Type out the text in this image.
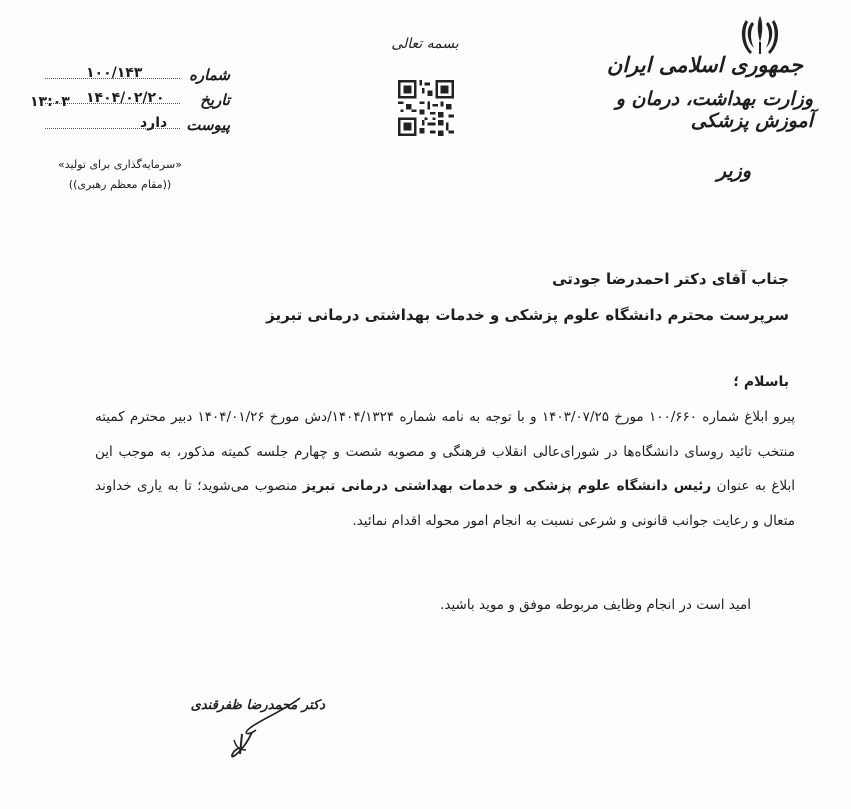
جمهوری اسلامی ایران
وزارت بهداشت، درمان و آموزش پزشکی
وزیر
بسمه تعالی
شماره
۱۰۰/۱۴۳
تاریخ
۱۴۰۴/۰۲/۲۰
پیوست
دارد
۱۳:۰۳
«سرمایه‌گذاری برای تولید»
((مقام معظم رهبری))
جناب آقای دکتر احمدرضا جودتی
سرپرست محترم دانشگاه علوم پزشکی و خدمات بهداشتی درمانی تبریز
باسلام ؛
پیرو ابلاغ شماره ۱۰۰/۶۶۰ مورخ ۱۴۰۳/۰۷/۲۵ و با توجه به نامه شماره ۱۴۰۴/۱۳۲۴/دش مورخ ۱۴۰۴/۰۱/۲۶ دبیر محترم کمیته منتخب تائید روسای دانشگاه‌ها در شورای‌عالی انقلاب فرهنگی و مصوبه شصت و چهارم جلسه کمیته مذکور، به موجب این ابلاغ به عنوان رئیس دانشگاه علوم پزشکی و خدمات بهداشتی درمانی تبریز منصوب می‌شوید؛ تا به یاری خداوند متعال و رعایت جوانب قانونی و شرعی نسبت به انجام امور محوله اقدام نمائید.
امید است در انجام وظایف مربوطه موفق و موید باشید.
دکتر محمدرضا ظفرقندی
